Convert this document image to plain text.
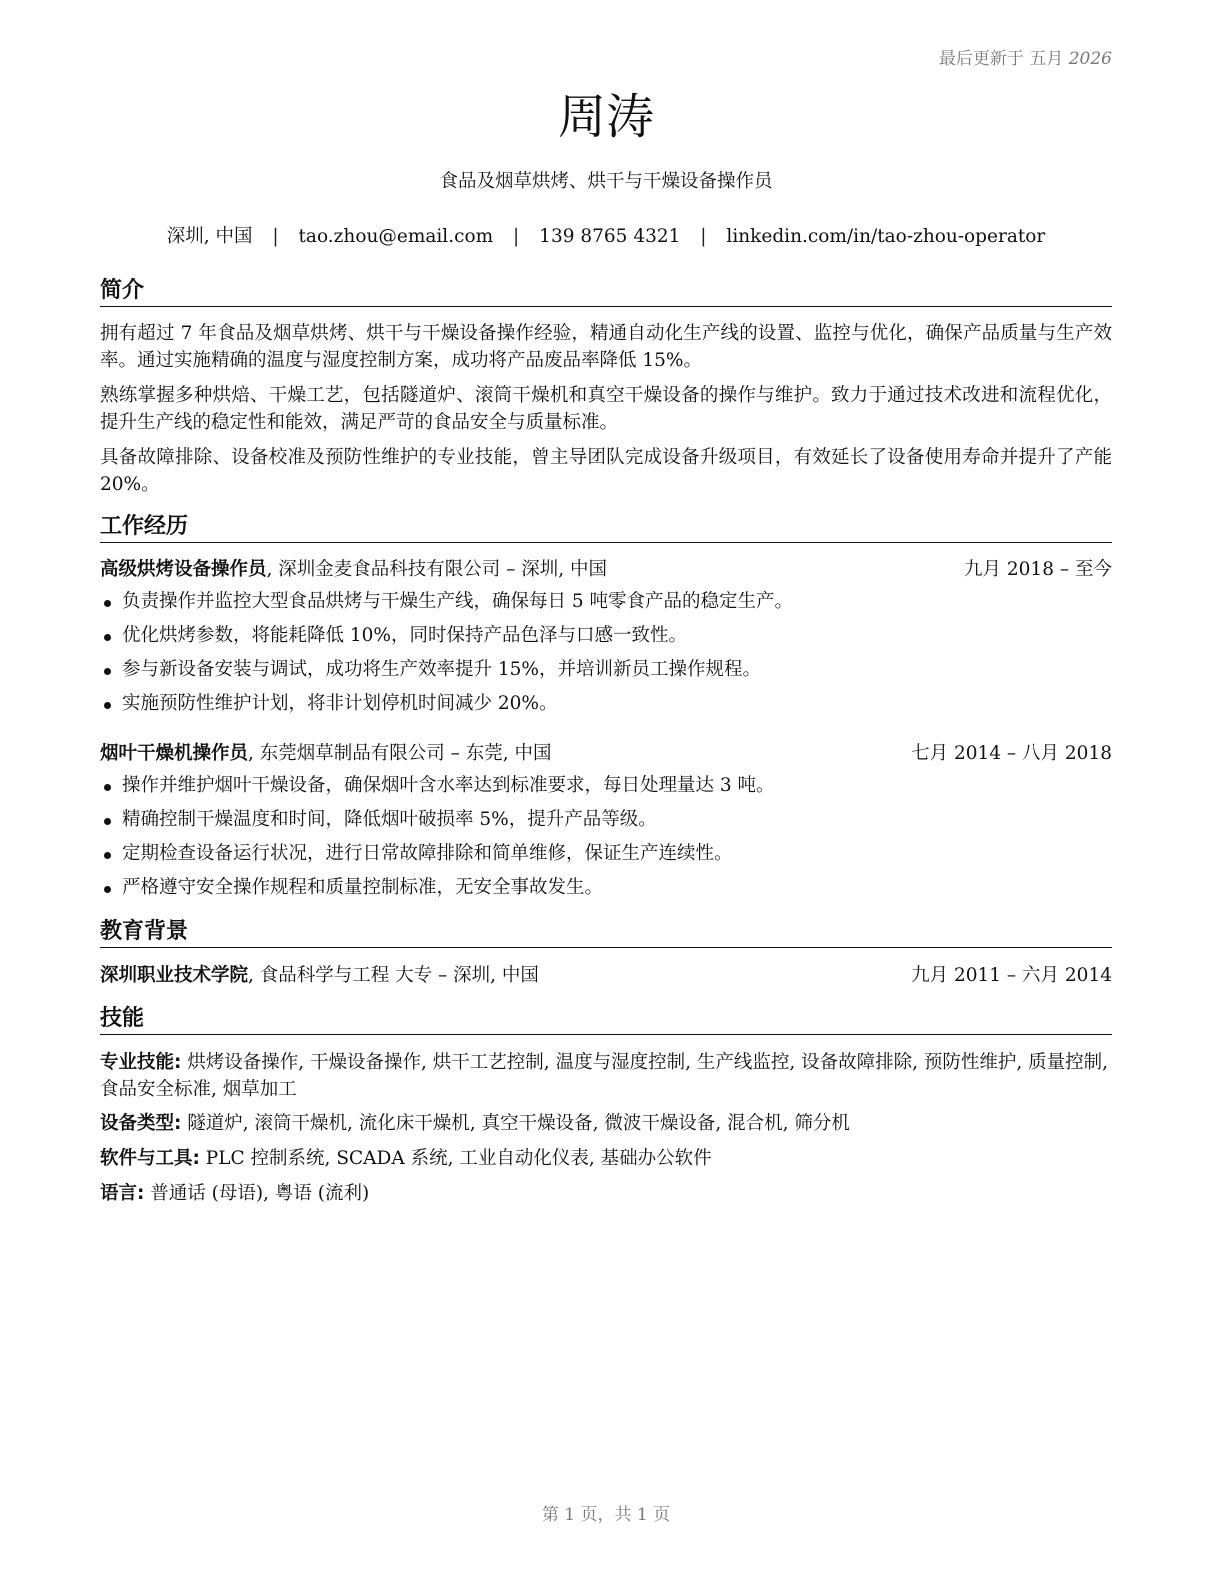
最后更新于 五月 2026
周涛
食品及烟草烘烤、烘干与干燥设备操作员
深圳, 中国 | tao.zhou@email.com | 139 8765 4321 | linkedin.com/in/tao-zhou-operator
简介
拥有超过 7 年食品及烟草烘烤、烘干与干燥设备操作经验，精通自动化生产线的设置、监控与优化，确保产品质量与生产效率。通过实施精确的温度与湿度控制方案，成功将产品废品率降低 15%。
熟练掌握多种烘焙、干燥工艺，包括隧道炉、滚筒干燥机和真空干燥设备的操作与维护。致力于通过技术改进和流程优化，提升生产线的稳定性和能效，满足严苛的食品安全与质量标准。
具备故障排除、设备校准及预防性维护的专业技能，曾主导团队完成设备升级项目，有效延长了设备使用寿命并提升了产能 20%。
工作经历
高级烘烤设备操作员, 深圳金麦食品科技有限公司 – 深圳, 中国	九月 2018 – 至今
负责操作并监控大型食品烘烤与干燥生产线，确保每日 5 吨零食产品的稳定生产。
优化烘烤参数，将能耗降低 10%，同时保持产品色泽与口感一致性。
参与新设备安装与调试，成功将生产效率提升 15%，并培训新员工操作规程。
实施预防性维护计划，将非计划停机时间减少 20%。
烟叶干燥机操作员, 东莞烟草制品有限公司 – 东莞, 中国	七月 2014 – 八月 2018
操作并维护烟叶干燥设备，确保烟叶含水率达到标准要求，每日处理量达 3 吨。
精确控制干燥温度和时间，降低烟叶破损率 5%，提升产品等级。
定期检查设备运行状况，进行日常故障排除和简单维修，保证生产连续性。
严格遵守安全操作规程和质量控制标准，无安全事故发生。
教育背景
深圳职业技术学院, 食品科学与工程 大专 – 深圳, 中国	九月 2011 – 六月 2014
技能
专业技能: 烘烤设备操作, 干燥设备操作, 烘干工艺控制, 温度与湿度控制, 生产线监控, 设备故障排除, 预防性维护, 质量控制, 食品安全标准, 烟草加工
设备类型: 隧道炉, 滚筒干燥机, 流化床干燥机, 真空干燥设备, 微波干燥设备, 混合机, 筛分机
软件与工具: PLC 控制系统, SCADA 系统, 工业自动化仪表, 基础办公软件
语言: 普通话 (母语), 粤语 (流利)
第 1 页，共 1 页
